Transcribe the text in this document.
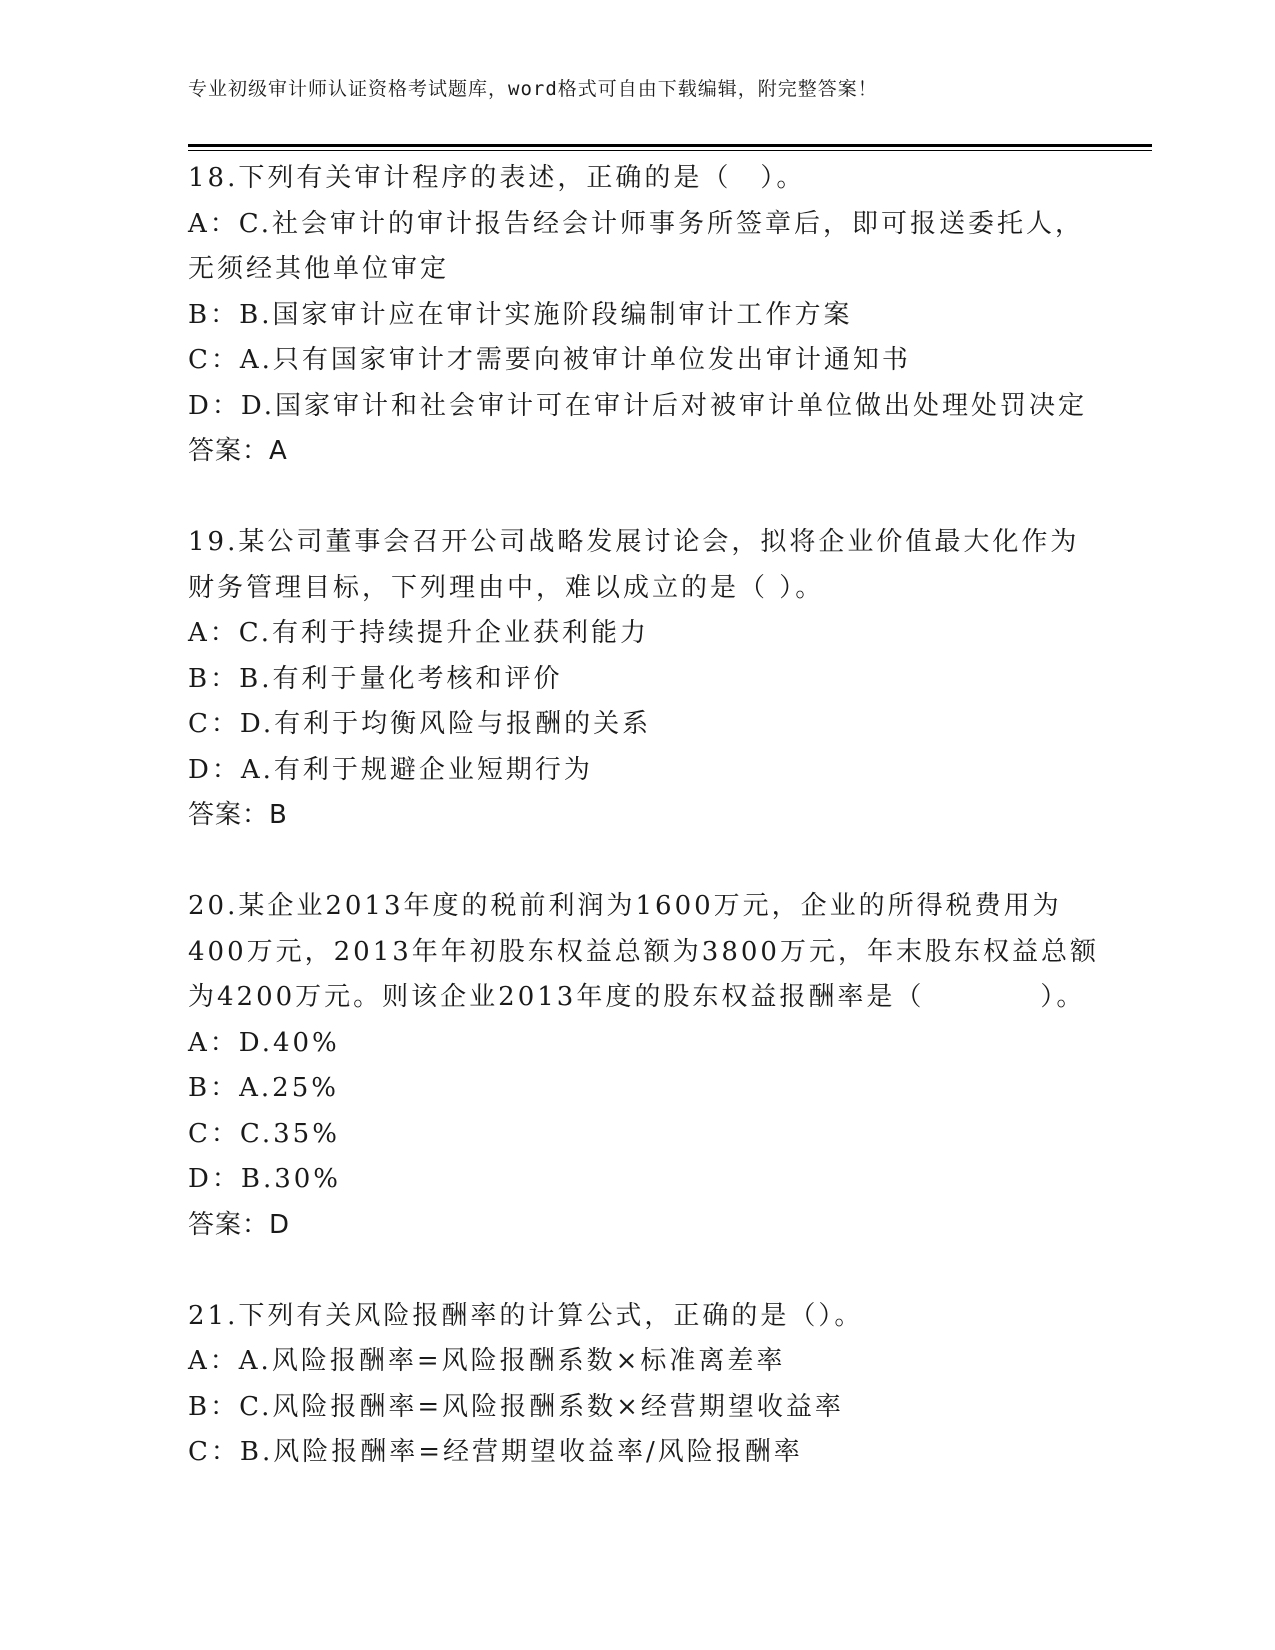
专业初级审计师认证资格考试题库，word格式可自由下载编辑，附完整答案！
18.下列有关审计程序的表述，正确的是（　）。
A：C.社会审计的审计报告经会计师事务所签章后，即可报送委托人，
无须经其他单位审定
B：B.国家审计应在审计实施阶段编制审计工作方案
C：A.只有国家审计才需要向被审计单位发出审计通知书
D：D.国家审计和社会审计可在审计后对被审计单位做出处理处罚决定
答案：A
19.某公司董事会召开公司战略发展讨论会，拟将企业价值最大化作为
财务管理目标，下列理由中，难以成立的是（ ）。
A：C.有利于持续提升企业获利能力
B：B.有利于量化考核和评价
C：D.有利于均衡风险与报酬的关系
D：A.有利于规避企业短期行为
答案：B
20.某企业2013年度的税前利润为1600万元，企业的所得税费用为
400万元，2013年年初股东权益总额为3800万元，年末股东权益总额
为4200万元。则该企业2013年度的股东权益报酬率是（　　　　）。
A：D.40%
B：A.25%
C：C.35%
D：B.30%
答案：D
21.下列有关风险报酬率的计算公式，正确的是（）。
A：A.风险报酬率=风险报酬系数×标准离差率
B：C.风险报酬率=风险报酬系数×经营期望收益率
C：B.风险报酬率=经营期望收益率/风险报酬率
